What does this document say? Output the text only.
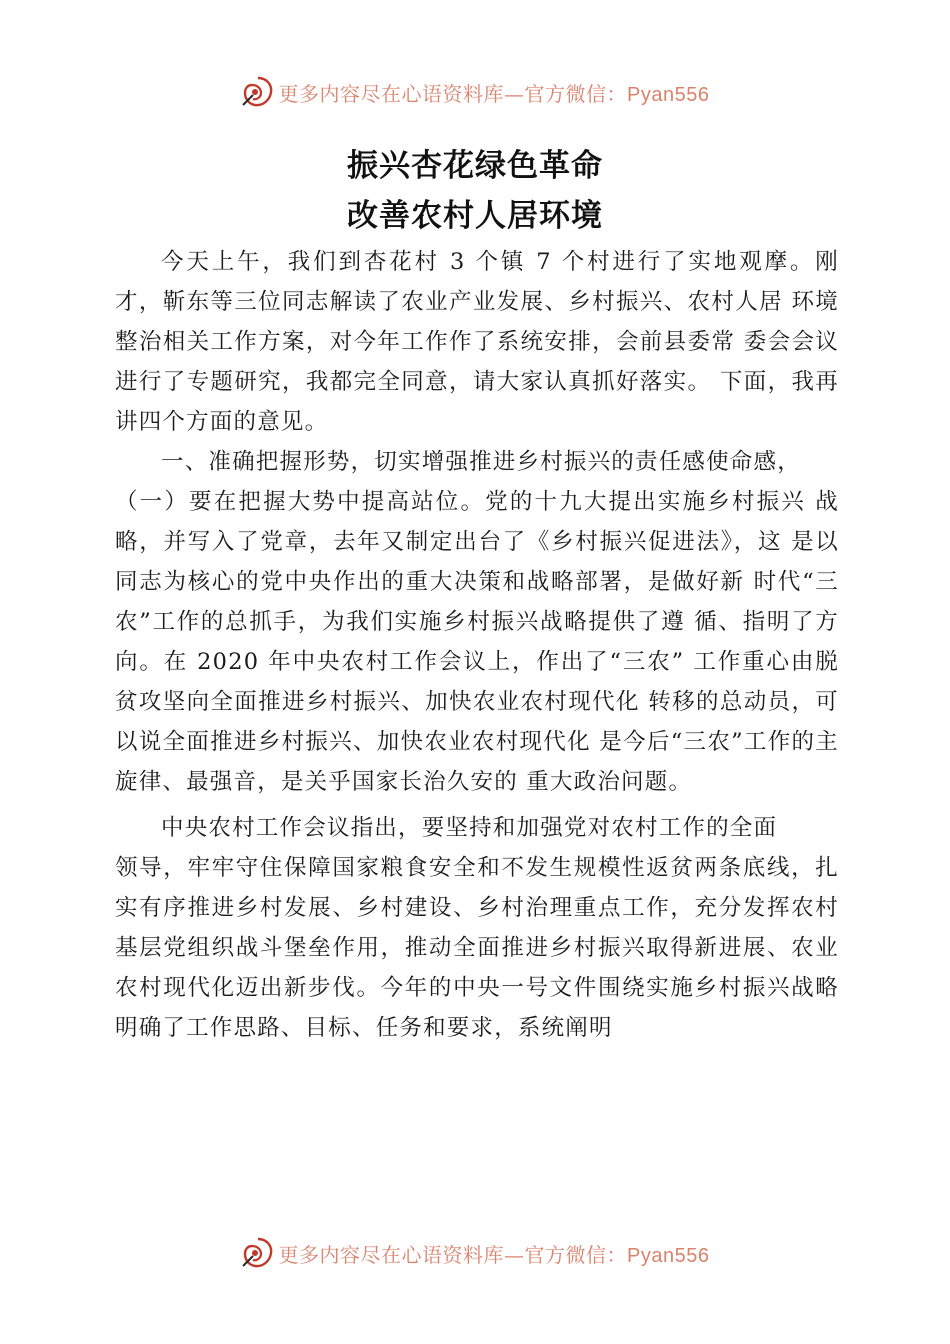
更多内容尽在心语资料库—官方微信：Pyan556
振兴杏花绿色革命
改善农村人居环境

今天上午，我们到杏花村 3 个镇 7 个村进行了实地观摩。刚才，靳东等三位同志解读了农业产业发展、乡村振兴、农村人居 环境整治相关工作方案，对今年工作作了系统安排，会前县委常 委会会议进行了专题研究，我都完全同意，请大家认真抓好落实。 下面，我再讲四个方面的意见。

一、准确把握形势，切实增强推进乡村振兴的责任感使命感，

（一）要在把握大势中提高站位。党的十九大提出实施乡村振兴 战略，并写入了党章，去年又制定出台了《乡村振兴促进法》，这 是以同志为核心的党中央作出的重大决策和战略部署，是做好新 时代“三农”工作的总抓手，为我们实施乡村振兴战略提供了遵 循、指明了方向。在 2020 年中央农村工作会议上，作出了“三农” 工作重心由脱贫攻坚向全面推进乡村振兴、加快农业农村现代化 转移的总动员，可以说全面推进乡村振兴、加快农业农村现代化 是今后“三农”工作的主旋律、最强音，是关乎国家长治久安的 重大政治问题。

中央农村工作会议指出，要坚持和加强党对农村工作的全面

领导，牢牢守住保障国家粮食安全和不发生规模性返贫两条底线，扎实有序推进乡村发展、乡村建设、乡村治理重点工作，充分发挥农村基层党组织战斗堡垒作用，推动全面推进乡村振兴取得新进展、农业农村现代化迈出新步伐。今年的中央一号文件围绕实施乡村振兴战略明确了工作思路、目标、任务和要求，系统阐明

更多内容尽在心语资料库—官方微信：Pyan556
